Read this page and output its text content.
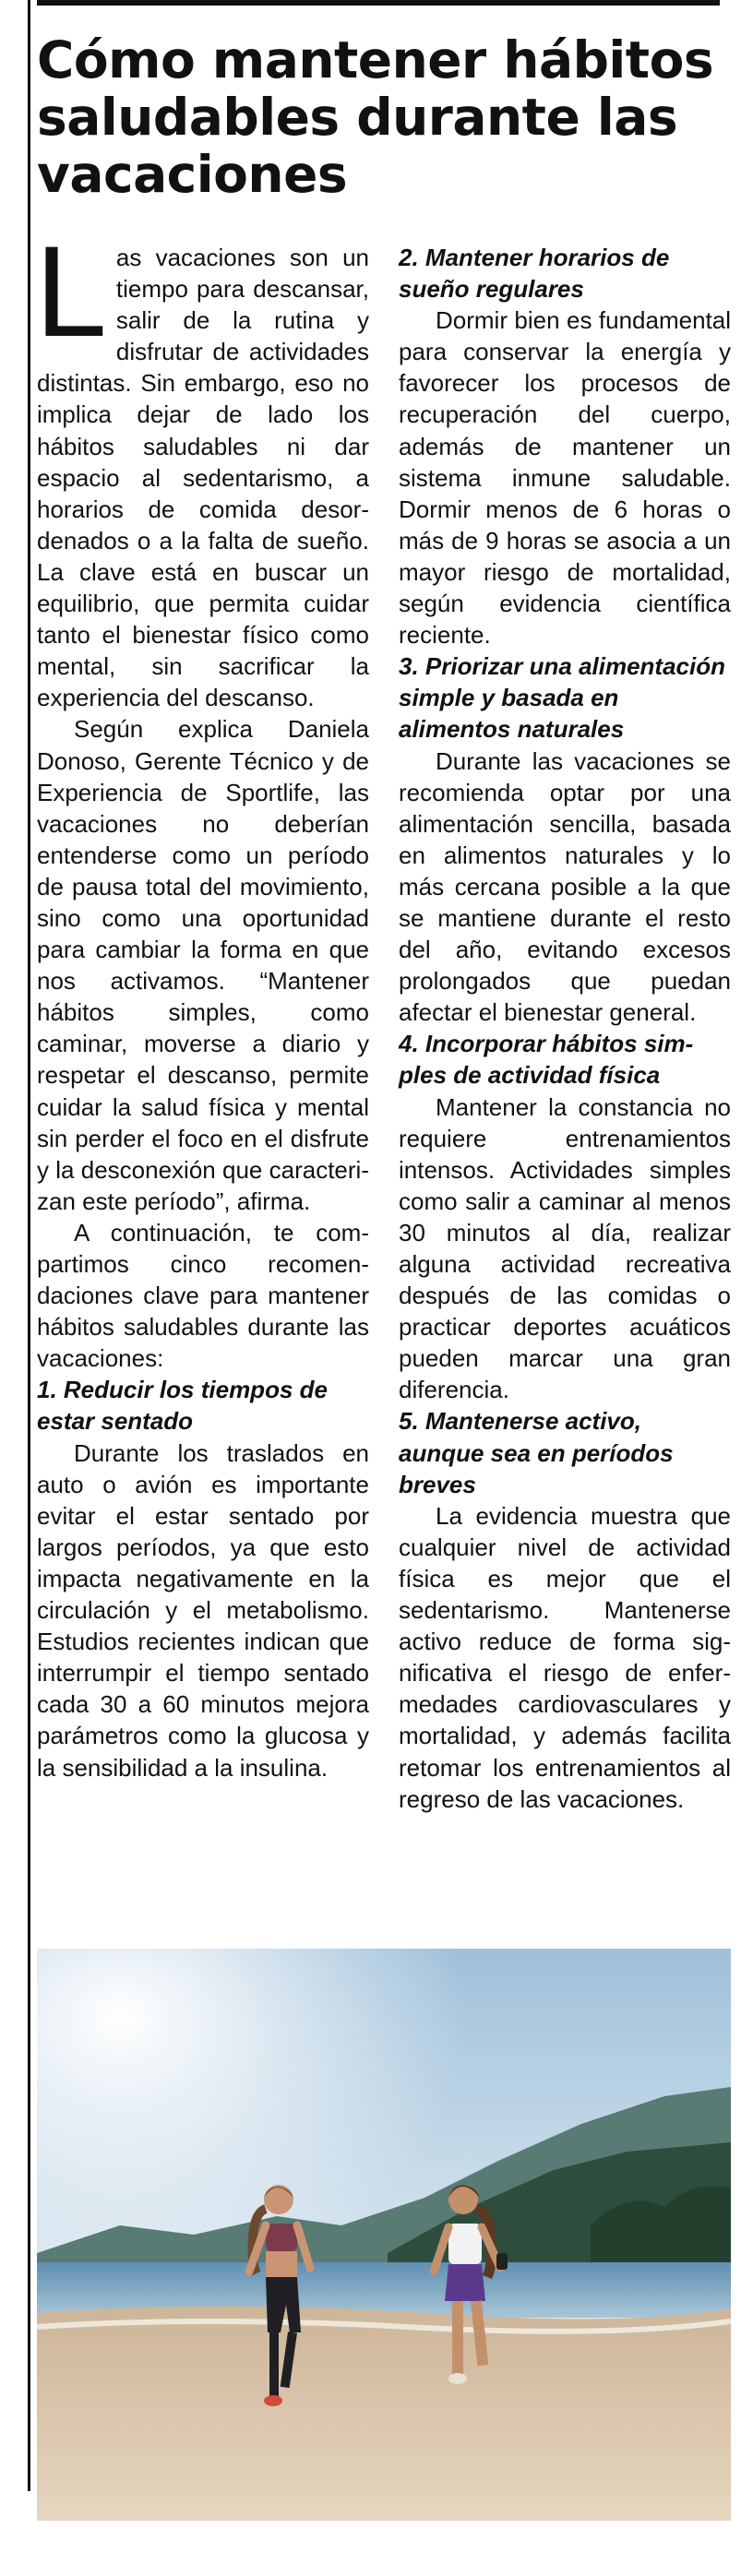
Cómo mantener hábitos saludables durante las vacaciones

Las vacaciones son un tiempo para descansar, salir de la rutina y disfrutar de actividades distintas. Sin embargo, eso no implica dejar de lado los hábitos saludables ni dar espacio al sedentarismo, a horarios de comida desordenados o a la falta de sueño. La clave está en buscar un equilibrio, que permita cuidar tanto el bienestar físico como mental, sin sacrificar la experiencia del descanso.

Según explica Daniela Donoso, Gerente Técnico y de Experiencia de Sportlife, las vacaciones no deberían entenderse como un período de pausa total del movimiento, sino como una oportunidad para cambiar la forma en que nos activamos. “Mantener hábitos simples, como caminar, moverse a diario y respetar el descanso, permite cuidar la salud física y mental sin perder el foco en el disfrute y la desconexión que caracterizan este período”, afirma.

A continuación, te compartimos cinco recomendaciones clave para mantener hábitos saludables durante las vacaciones:

1. Reducir los tiempos de estar sentado

Durante los traslados en auto o avión es importante evitar el estar sentado por largos períodos, ya que esto impacta negativamente en la circulación y el metabolismo. Estudios recientes indican que interrumpir el tiempo sentado cada 30 a 60 minutos mejora parámetros como la glucosa y la sensibilidad a la insulina.

2. Mantener horarios de sueño regulares

Dormir bien es fundamental para conservar la energía y favorecer los procesos de recuperación del cuerpo, además de mantener un sistema inmune saludable. Dormir menos de 6 horas o más de 9 horas se asocia a un mayor riesgo de mortalidad, según evidencia científica reciente.

3. Priorizar una alimentación simple y basada en alimentos naturales

Durante las vacaciones se recomienda optar por una alimentación sencilla, basada en alimentos naturales y lo más cercana posible a la que se mantiene durante el resto del año, evitando excesos prolongados que puedan afectar el bienestar general.

4. Incorporar hábitos simples de actividad física

Mantener la constancia no requiere entrenamientos intensos. Actividades simples como salir a caminar al menos 30 minutos al día, realizar alguna actividad recreativa después de las comidas o practicar deportes acuáticos pueden marcar una gran diferencia.

5. Mantenerse activo, aunque sea en períodos breves

La evidencia muestra que cualquier nivel de actividad física es mejor que el sedentarismo. Mantenerse activo reduce de forma significativa el riesgo de enfermedades cardiovasculares y mortalidad, y además facilita retomar los entrenamientos al regreso de las vacaciones.
